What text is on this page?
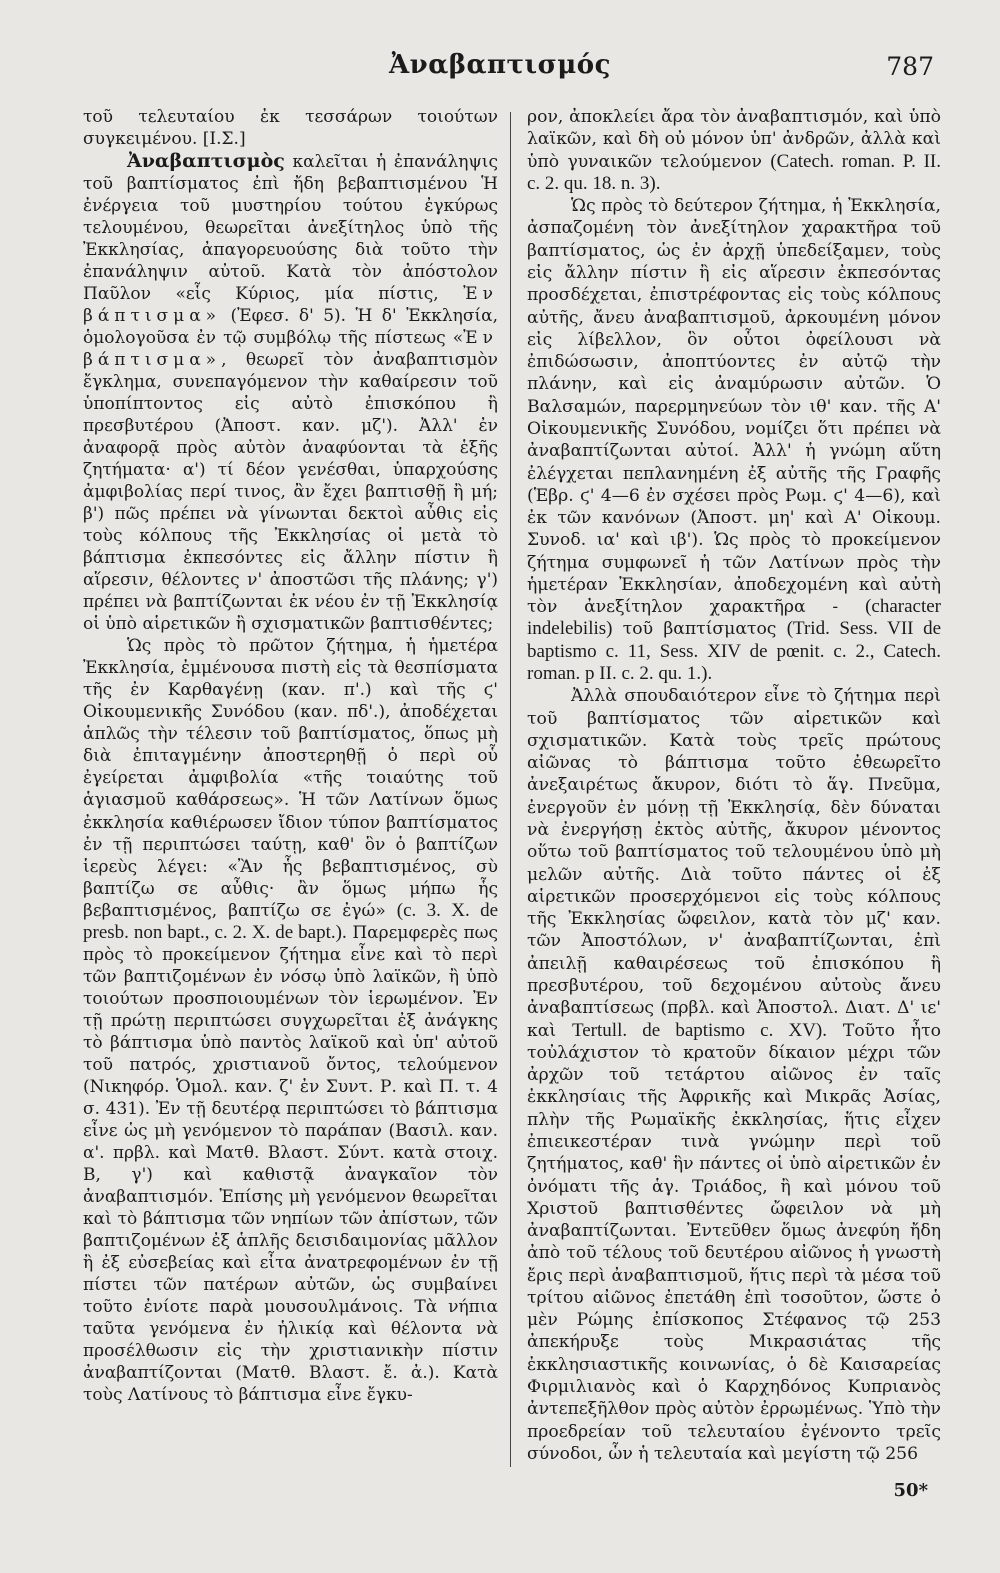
Ἀναβαπτισμός	787

τοῦ τελευταίου ἐκ τεσσάρων τοιούτων συγκειμένου. [Ι.Σ.]

Ἀναβαπτισμὸς καλεῖται ἡ ἐπανάληψις τοῦ βαπτίσματος ἐπὶ ἤδη βεβαπτισμένου Ἡ ἐνέργεια τοῦ μυστηρίου τούτου ἐγκύρως τελουμένου, θεωρεῖται ἀνεξίτηλος ὑπὸ τῆς Ἐκκλησίας, ἀπαγορευούσης διὰ τοῦτο τὴν ἐπανάληψιν αὐτοῦ. Κατὰ τὸν ἀπόστολον Παῦλον «εἷς Κύριος, μία πίστις, Ἐν βάπτισμα» (Ἐφεσ. δ' 5). Ἡ δ' Ἐκκλησία, ὁμολογοῦσα ἐν τῷ συμβόλῳ τῆς πίστεως «Ἐν βάπτισμα», θεωρεῖ τὸν ἀναβαπτισμὸν ἔγκλημα, συνεπαγόμενον τὴν καθαίρεσιν τοῦ ὑποπίπτοντος εἰς αὐτὸ ἐπισκόπου ἢ πρεσβυτέρου (Ἀποστ. καν. μζ'). Ἀλλ' ἐν ἀναφορᾷ πρὸς αὐτὸν ἀναφύονται τὰ ἑξῆς ζητήματα· α') τί δέον γενέσθαι, ὑπαρχούσης ἀμφιβολίας περί τινος, ἂν ἔχει βαπτισθῇ ἢ μή; β') πῶς πρέπει νὰ γίνωνται δεκτοὶ αὖθις εἰς τοὺς κόλπους τῆς Ἐκκλησίας οἱ μετὰ τὸ βάπτισμα ἐκπεσόντες εἰς ἄλλην πίστιν ἢ αἵρεσιν, θέλοντες ν' ἀποστῶσι τῆς πλάνης; γ') πρέπει νὰ βαπτίζωνται ἐκ νέου ἐν τῇ Ἐκκλησίᾳ οἱ ὑπὸ αἱρετικῶν ἢ σχισματικῶν βαπτισθέντες;

Ὡς πρὸς τὸ πρῶτον ζήτημα, ἡ ἡμετέρα Ἐκκλησία, ἐμμένουσα πιστὴ εἰς τὰ θεσπίσματα τῆς ἐν Καρθαγένῃ (καν. π'.) καὶ τῆς ϛ' Οἰκουμενικῆς Συνόδου (καν. πδ'.), ἀποδέχεται ἁπλῶς τὴν τέλεσιν τοῦ βαπτίσματος, ὅπως μὴ διὰ ἐπιταγμένην ἀποστερηθῇ ὁ περὶ οὗ ἐγείρεται ἀμφιβολία «τῆς τοιαύτης τοῦ ἁγιασμοῦ καθάρσεως». Ἡ τῶν Λατίνων ὅμως ἐκκλησία καθιέρωσεν ἴδιον τύπον βαπτίσματος ἐν τῇ περιπτώσει ταύτῃ, καθ' ὃν ὁ βαπτίζων ἱερεὺς λέγει: «Ἂν ἧς βεβαπτισμένος, σὺ βαπτίζω σε αὖθις· ἂν ὅμως μήπω ἧς βεβαπτισμένος, βαπτίζω σε ἐγώ» (c. 3. X. de presb. non bapt., c. 2. X. de bapt.). Παρεμφερὲς πως πρὸς τὸ προκείμενον ζήτημα εἶνε καὶ τὸ περὶ τῶν βαπτιζομένων ἐν νόσῳ ὑπὸ λαϊκῶν, ἢ ὑπὸ τοιούτων προσποιουμένων τὸν ἱερωμένον. Ἐν τῇ πρώτῃ περιπτώσει συγχωρεῖται ἐξ ἀνάγκης τὸ βάπτισμα ὑπὸ παντὸς λαϊκοῦ καὶ ὑπ' αὐτοῦ τοῦ πατρός, χριστιανοῦ ὄντος, τελούμενον (Νικηφόρ. Ὁμολ. καν. ζ' ἐν Συντ. Ρ. καὶ Π. τ. 4 σ. 431). Ἐν τῇ δευτέρᾳ περιπτώσει τὸ βάπτισμα εἶνε ὡς μὴ γενόμενον τὸ παράπαν (Βασιλ. καν. α'. πρβλ. καὶ Ματθ. Βλαστ. Σύντ. κατὰ στοιχ. Β, γ') καὶ καθιστᾷ ἀναγκαῖον τὸν ἀναβαπτισμόν. Ἐπίσης μὴ γενόμενον θεωρεῖται καὶ τὸ βάπτισμα τῶν νηπίων τῶν ἀπίστων, τῶν βαπτιζομένων ἐξ ἁπλῆς δεισιδαιμονίας μᾶλλον ἢ ἐξ εὐσεβείας καὶ εἶτα ἀνατρεφομένων ἐν τῇ πίστει τῶν πατέρων αὐτῶν, ὡς συμβαίνει τοῦτο ἐνίοτε παρὰ μουσουλμάνοις. Τὰ νήπια ταῦτα γενόμενα ἐν ἡλικίᾳ καὶ θέλοντα νὰ προσέλθωσιν εἰς τὴν χριστιανικὴν πίστιν ἀναβαπτίζονται (Ματθ. Βλαστ. ἔ. ἀ.). Κατὰ τοὺς Λατίνους τὸ βάπτισμα εἶνε ἔγκυ-

ρον, ἀποκλείει ἄρα τὸν ἀναβαπτισμόν, καὶ ὑπὸ λαϊκῶν, καὶ δὴ οὐ μόνον ὑπ' ἀνδρῶν, ἀλλὰ καὶ ὑπὸ γυναικῶν τελούμενον (Catech. roman. P. II. c. 2. qu. 18. n. 3).

Ὡς πρὸς τὸ δεύτερον ζήτημα, ἡ Ἐκκλησία, ἀσπαζομένη τὸν ἀνεξίτηλον χαρακτῆρα τοῦ βαπτίσματος, ὡς ἐν ἀρχῇ ὑπεδείξαμεν, τοὺς εἰς ἄλλην πίστιν ἢ εἰς αἵρεσιν ἐκπεσόντας προσδέχεται, ἐπιστρέφοντας εἰς τοὺς κόλπους αὐτῆς, ἄνευ ἀναβαπτισμοῦ, ἀρκουμένη μόνον εἰς λίβελλον, ὃν οὗτοι ὀφείλουσι νὰ ἐπιδώσωσιν, ἀποπτύοντες ἐν αὐτῷ τὴν πλάνην, καὶ εἰς ἀναμύρωσιν αὐτῶν. Ὁ Βαλσαμών, παρερμηνεύων τὸν ιθ' καν. τῆς Α' Οἰκουμενικῆς Συνόδου, νομίζει ὅτι πρέπει νὰ ἀναβαπτίζωνται αὐτοί. Ἀλλ' ἡ γνώμη αὕτη ἐλέγχεται πεπλανημένη ἐξ αὐτῆς τῆς Γραφῆς (Ἑβρ. ϛ' 4—6 ἐν σχέσει πρὸς Ρωμ. ϛ' 4—6), καὶ ἐκ τῶν κανόνων (Ἀποστ. μη' καὶ Α' Οἰκουμ. Συνοδ. ια' καὶ ιβ'). Ὡς πρὸς τὸ προκείμενον ζήτημα συμφωνεῖ ἡ τῶν Λατίνων πρὸς τὴν ἡμετέραν Ἐκκλησίαν, ἀποδεχομένη καὶ αὐτὴ τὸν ἀνεξίτηλον χαρακτῆρα - (character indelebilis) τοῦ βαπτίσματος (Trid. Sess. VII de baptismo c. 11, Sess. XIV de pœnit. c. 2., Catech. roman. p II. c. 2. qu. 1.).

Ἀλλὰ σπουδαιότερον εἶνε τὸ ζήτημα περὶ τοῦ βαπτίσματος τῶν αἱρετικῶν καὶ σχισματικῶν. Κατὰ τοὺς τρεῖς πρώτους αἰῶνας τὸ βάπτισμα τοῦτο ἐθεωρεῖτο ἀνεξαιρέτως ἄκυρον, διότι τὸ ἅγ. Πνεῦμα, ἐνεργοῦν ἐν μόνῃ τῇ Ἐκκλησίᾳ, δὲν δύναται νὰ ἐνεργήσῃ ἐκτὸς αὐτῆς, ἄκυρον μένοντος οὕτω τοῦ βαπτίσματος τοῦ τελουμένου ὑπὸ μὴ μελῶν αὐτῆς. Διὰ τοῦτο πάντες οἱ ἐξ αἱρετικῶν προσερχόμενοι εἰς τοὺς κόλπους τῆς Ἐκκλησίας ὤφειλον, κατὰ τὸν μζ' καν. τῶν Ἀποστόλων, ν' ἀναβαπτίζωνται, ἐπὶ ἀπειλῇ καθαιρέσεως τοῦ ἐπισκόπου ἢ πρεσβυτέρου, τοῦ δεχομένου αὐτοὺς ἄνευ ἀναβαπτίσεως (πρβλ. καὶ Ἀποστολ. Διατ. Δ' ιε' καὶ Tertull. de baptismo c. XV). Τοῦτο ἦτο τοὐλάχιστον τὸ κρατοῦν δίκαιον μέχρι τῶν ἀρχῶν τοῦ τετάρτου αἰῶνος ἐν ταῖς ἐκκλησίαις τῆς Ἀφρικῆς καὶ Μικρᾶς Ἀσίας, πλὴν τῆς Ρωμαϊκῆς ἐκκλησίας, ἥτις εἶχεν ἐπιεικεστέραν τινὰ γνώμην περὶ τοῦ ζητήματος, καθ' ἣν πάντες οἱ ὑπὸ αἱρετικῶν ἐν ὀνόματι τῆς ἁγ. Τριάδος, ἢ καὶ μόνου τοῦ Χριστοῦ βαπτισθέντες ὤφειλον νὰ μὴ ἀναβαπτίζωνται. Ἐντεῦθεν ὅμως ἀνεφύη ἤδη ἀπὸ τοῦ τέλους τοῦ δευτέρου αἰῶνος ἡ γνωστὴ ἔρις περὶ ἀναβαπτισμοῦ, ἥτις περὶ τὰ μέσα τοῦ τρίτου αἰῶνος ἐπετάθη ἐπὶ τοσοῦτον, ὥστε ὁ μὲν Ρώμης ἐπίσκοπος Στέφανος τῷ 253 ἀπεκήρυξε τοὺς Μικρασιάτας τῆς ἐκκλησιαστικῆς κοινωνίας, ὁ δὲ Καισαρείας Φιρμιλιανὸς καὶ ὁ Καρχηδόνος Κυπριανὸς ἀντεπεξῆλθον πρὸς αὐτὸν ἐρρωμένως. Ὑπὸ τὴν προεδρείαν τοῦ τελευταίου ἐγένοντο τρεῖς σύνοδοι, ὧν ἡ τελευταία καὶ μεγίστη τῷ 256

50*
